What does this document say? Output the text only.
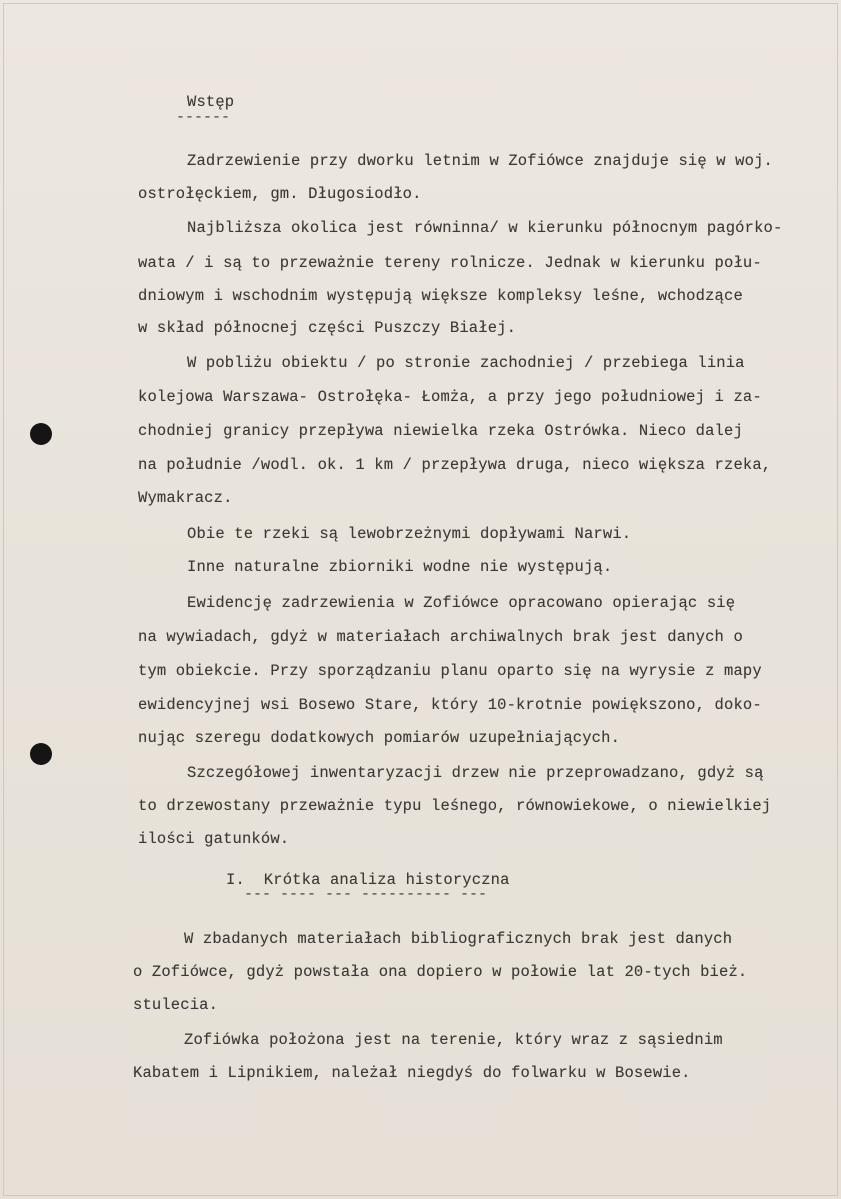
Wstęp
------
Zadrzewienie przy dworku letnim w Zofiówce znajduje się w woj.
ostrołęckiem, gm. Długosiodło.
Najbliższa okolica jest równinna/ w kierunku północnym pagórko-
wata / i są to przeważnie tereny rolnicze. Jednak w kierunku połu-
dniowym i wschodnim występują większe kompleksy leśne, wchodzące
w skład północnej części Puszczy Białej.
W pobliżu obiektu / po stronie zachodniej / przebiega linia
kolejowa Warszawa- Ostrołęka- Łomża, a przy jego południowej i za-
chodniej granicy przepływa niewielka rzeka Ostrówka. Nieco dalej
na południe /wodl. ok. 1 km / przepływa druga, nieco większa rzeka,
Wymakracz.
Obie te rzeki są lewobrzeżnymi dopływami Narwi.
Inne naturalne zbiorniki wodne nie występują.
Ewidencję zadrzewienia w Zofiówce opracowano opierając się
na wywiadach, gdyż w materiałach archiwalnych brak jest danych o
tym obiekcie. Przy sporządzaniu planu oparto się na wyrysie z mapy
ewidencyjnej wsi Bosewo Stare, który 10-krotnie powiększono, doko-
nując szeregu dodatkowych pomiarów uzupełniających.
Szczegółowej inwentaryzacji drzew nie przeprowadzano, gdyż są
to drzewostany przeważnie typu leśnego, równowiekowe, o niewielkiej
ilości gatunków.
I.  Krótka analiza historyczna
--- ---- --- ---------- ---
W zbadanych materiałach bibliograficznych brak jest danych
o Zofiówce, gdyż powstała ona dopiero w połowie lat 20-tych bież.
stulecia.
Zofiówka położona jest na terenie, który wraz z sąsiednim
Kabatem i Lipnikiem, należał niegdyś do folwarku w Bosewie.
